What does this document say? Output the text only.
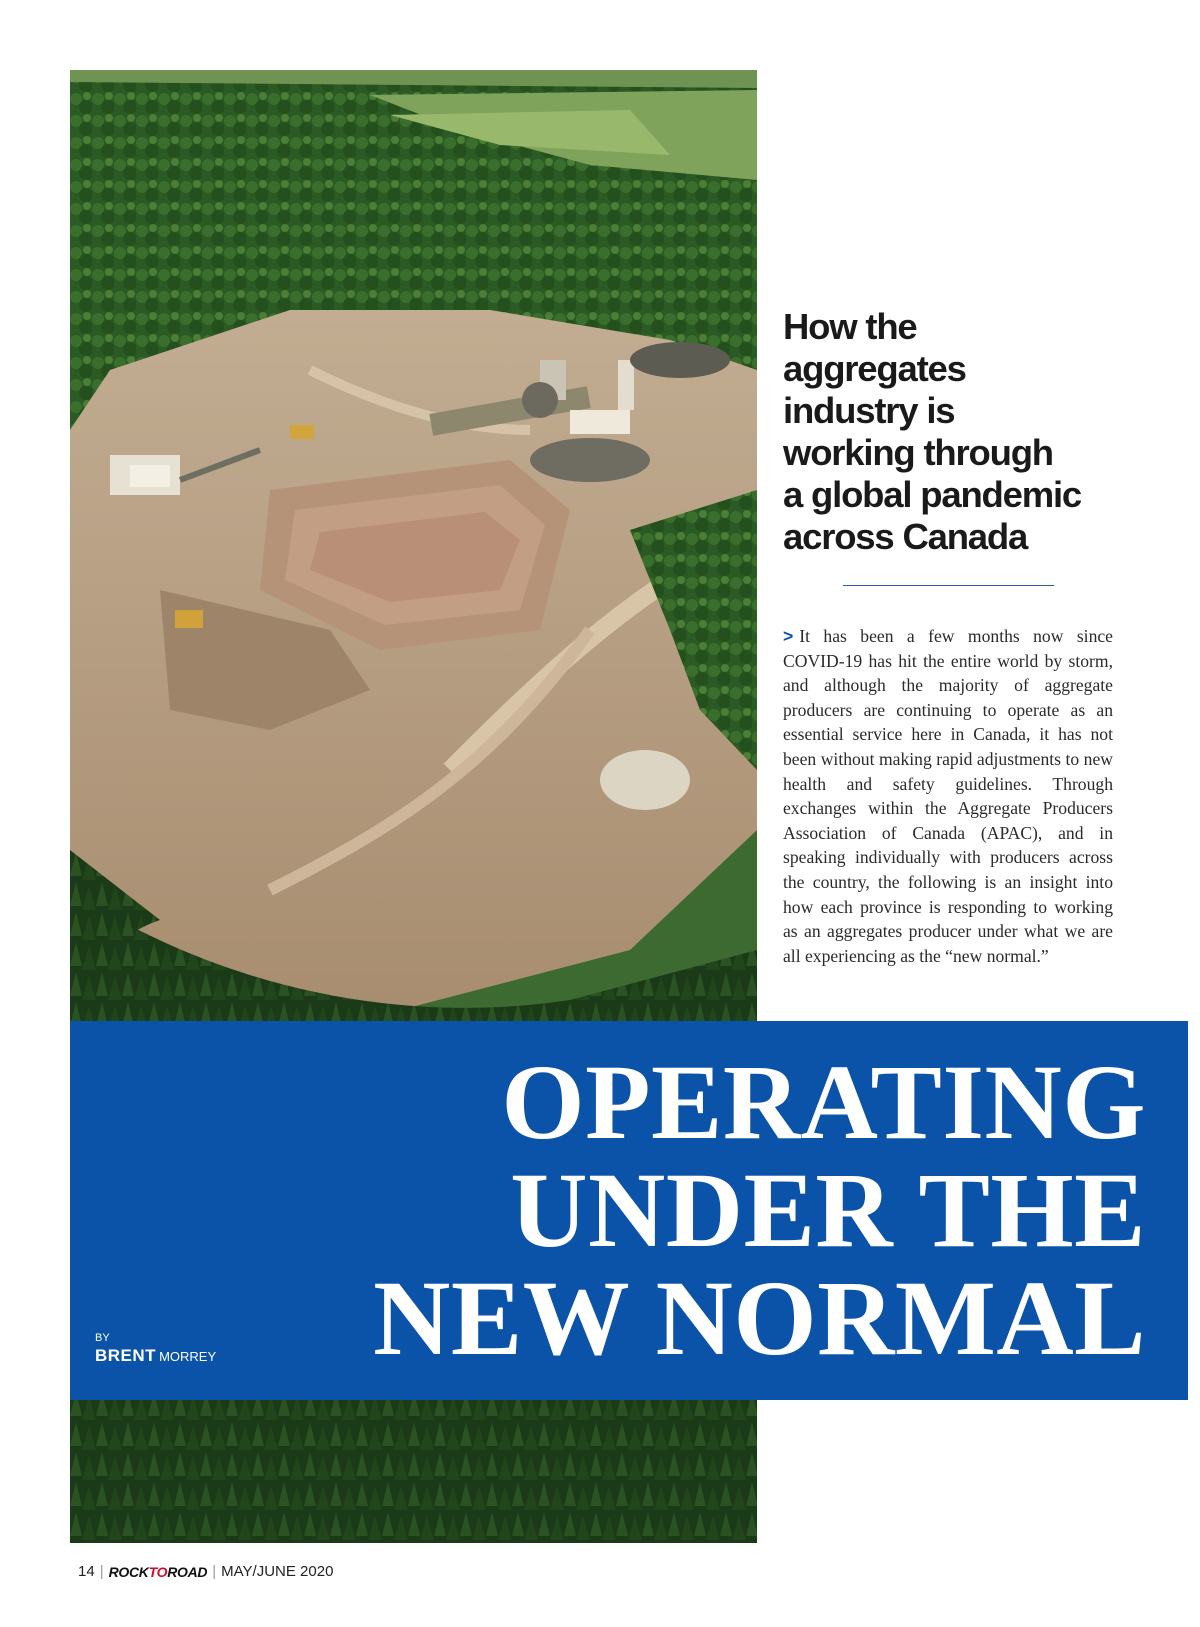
How the
aggregates
industry is
working through
a global pandemic
across Canada

> It has been a few months now since COVID-19 has hit the entire world by storm, and although the majority of aggregate producers are continuing to operate as an essential service here in Canada, it has not been without making rapid adjustments to new health and safety guidelines. Through exchanges within the Aggregate Producers Association of Canada (APAC), and in speaking individually with producers across the country, the following is an insight into how each province is responding to working as an aggregates producer under what we are all experiencing as the “new normal.”

OPERATING
UNDER THE
NEW NORMAL
BY
BRENT MORREY
14 | ROCKTOROAD | MAY/JUNE 2020
